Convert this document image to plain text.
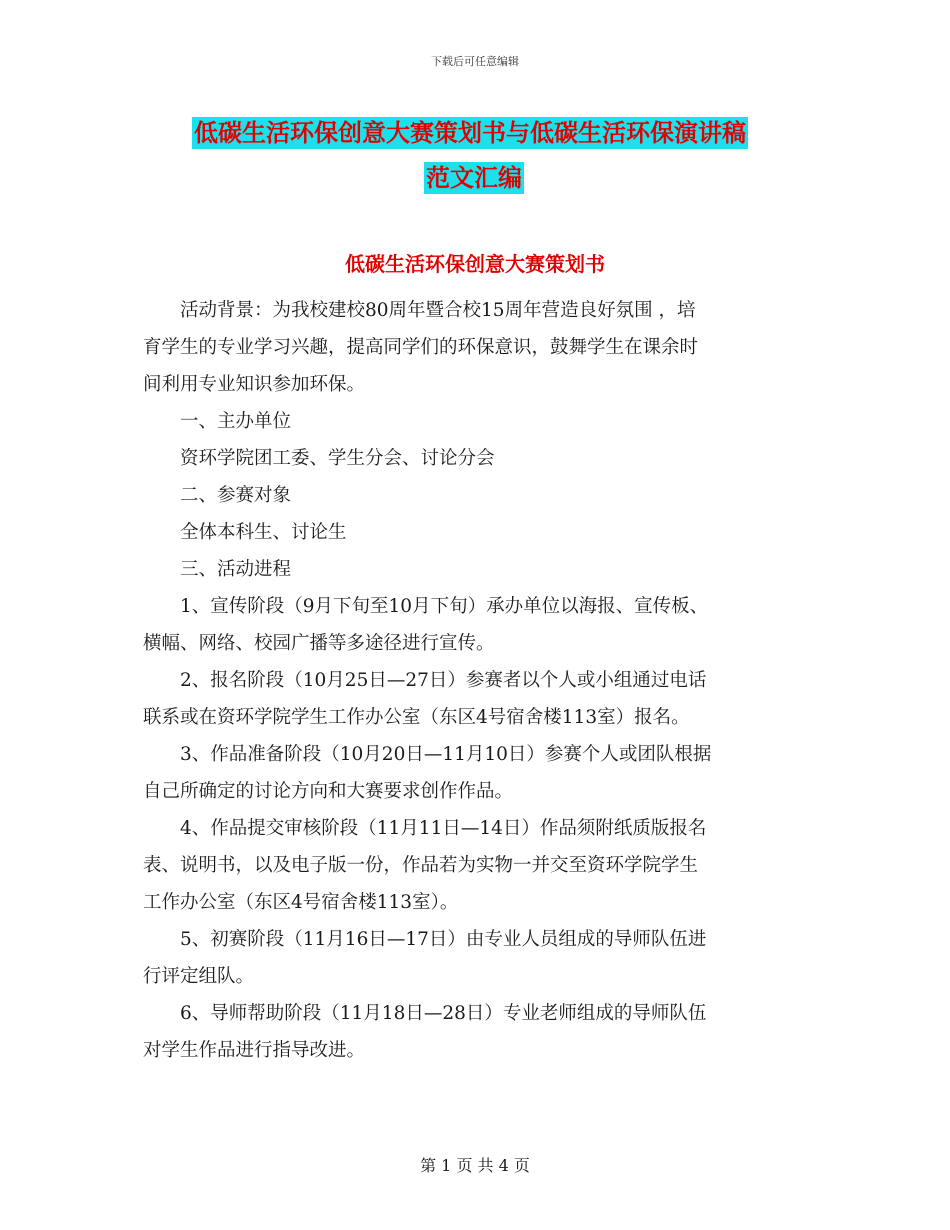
下载后可任意编辑
低碳生活环保创意大赛策划书与低碳生活环保演讲稿
范文汇编
低碳生活环保创意大赛策划书

活动背景：为我校建校80周年暨合校15周年营造良好氛围 ，培
育学生的专业学习兴趣，提高同学们的环保意识，鼓舞学生在课余时
间利用专业知识参加环保。

一、主办单位

资环学院团工委、学生分会、讨论分会

二、参赛对象

全体本科生、讨论生

三、活动进程

1、宣传阶段（9月下旬至10月下旬）承办单位以海报、宣传板、
横幅、网络、校园广播等多途径进行宣传。

2、报名阶段（10月25日—27日）参赛者以个人或小组通过电话
联系或在资环学院学生工作办公室（东区4号宿舍楼113室）报名。

3、作品准备阶段（10月20日—11月10日）参赛个人或团队根据
自己所确定的讨论方向和大赛要求创作作品。

4、作品提交审核阶段（11月11日—14日）作品须附纸质版报名
表、说明书，以及电子版一份，作品若为实物一并交至资环学院学生
工作办公室（东区4号宿舍楼113室）。

5、初赛阶段（11月16日—17日）由专业人员组成的导师队伍进
行评定组队。

6、导师帮助阶段（11月18日—28日）专业老师组成的导师队伍
对学生作品进行指导改进。

第 1 页 共 4 页
